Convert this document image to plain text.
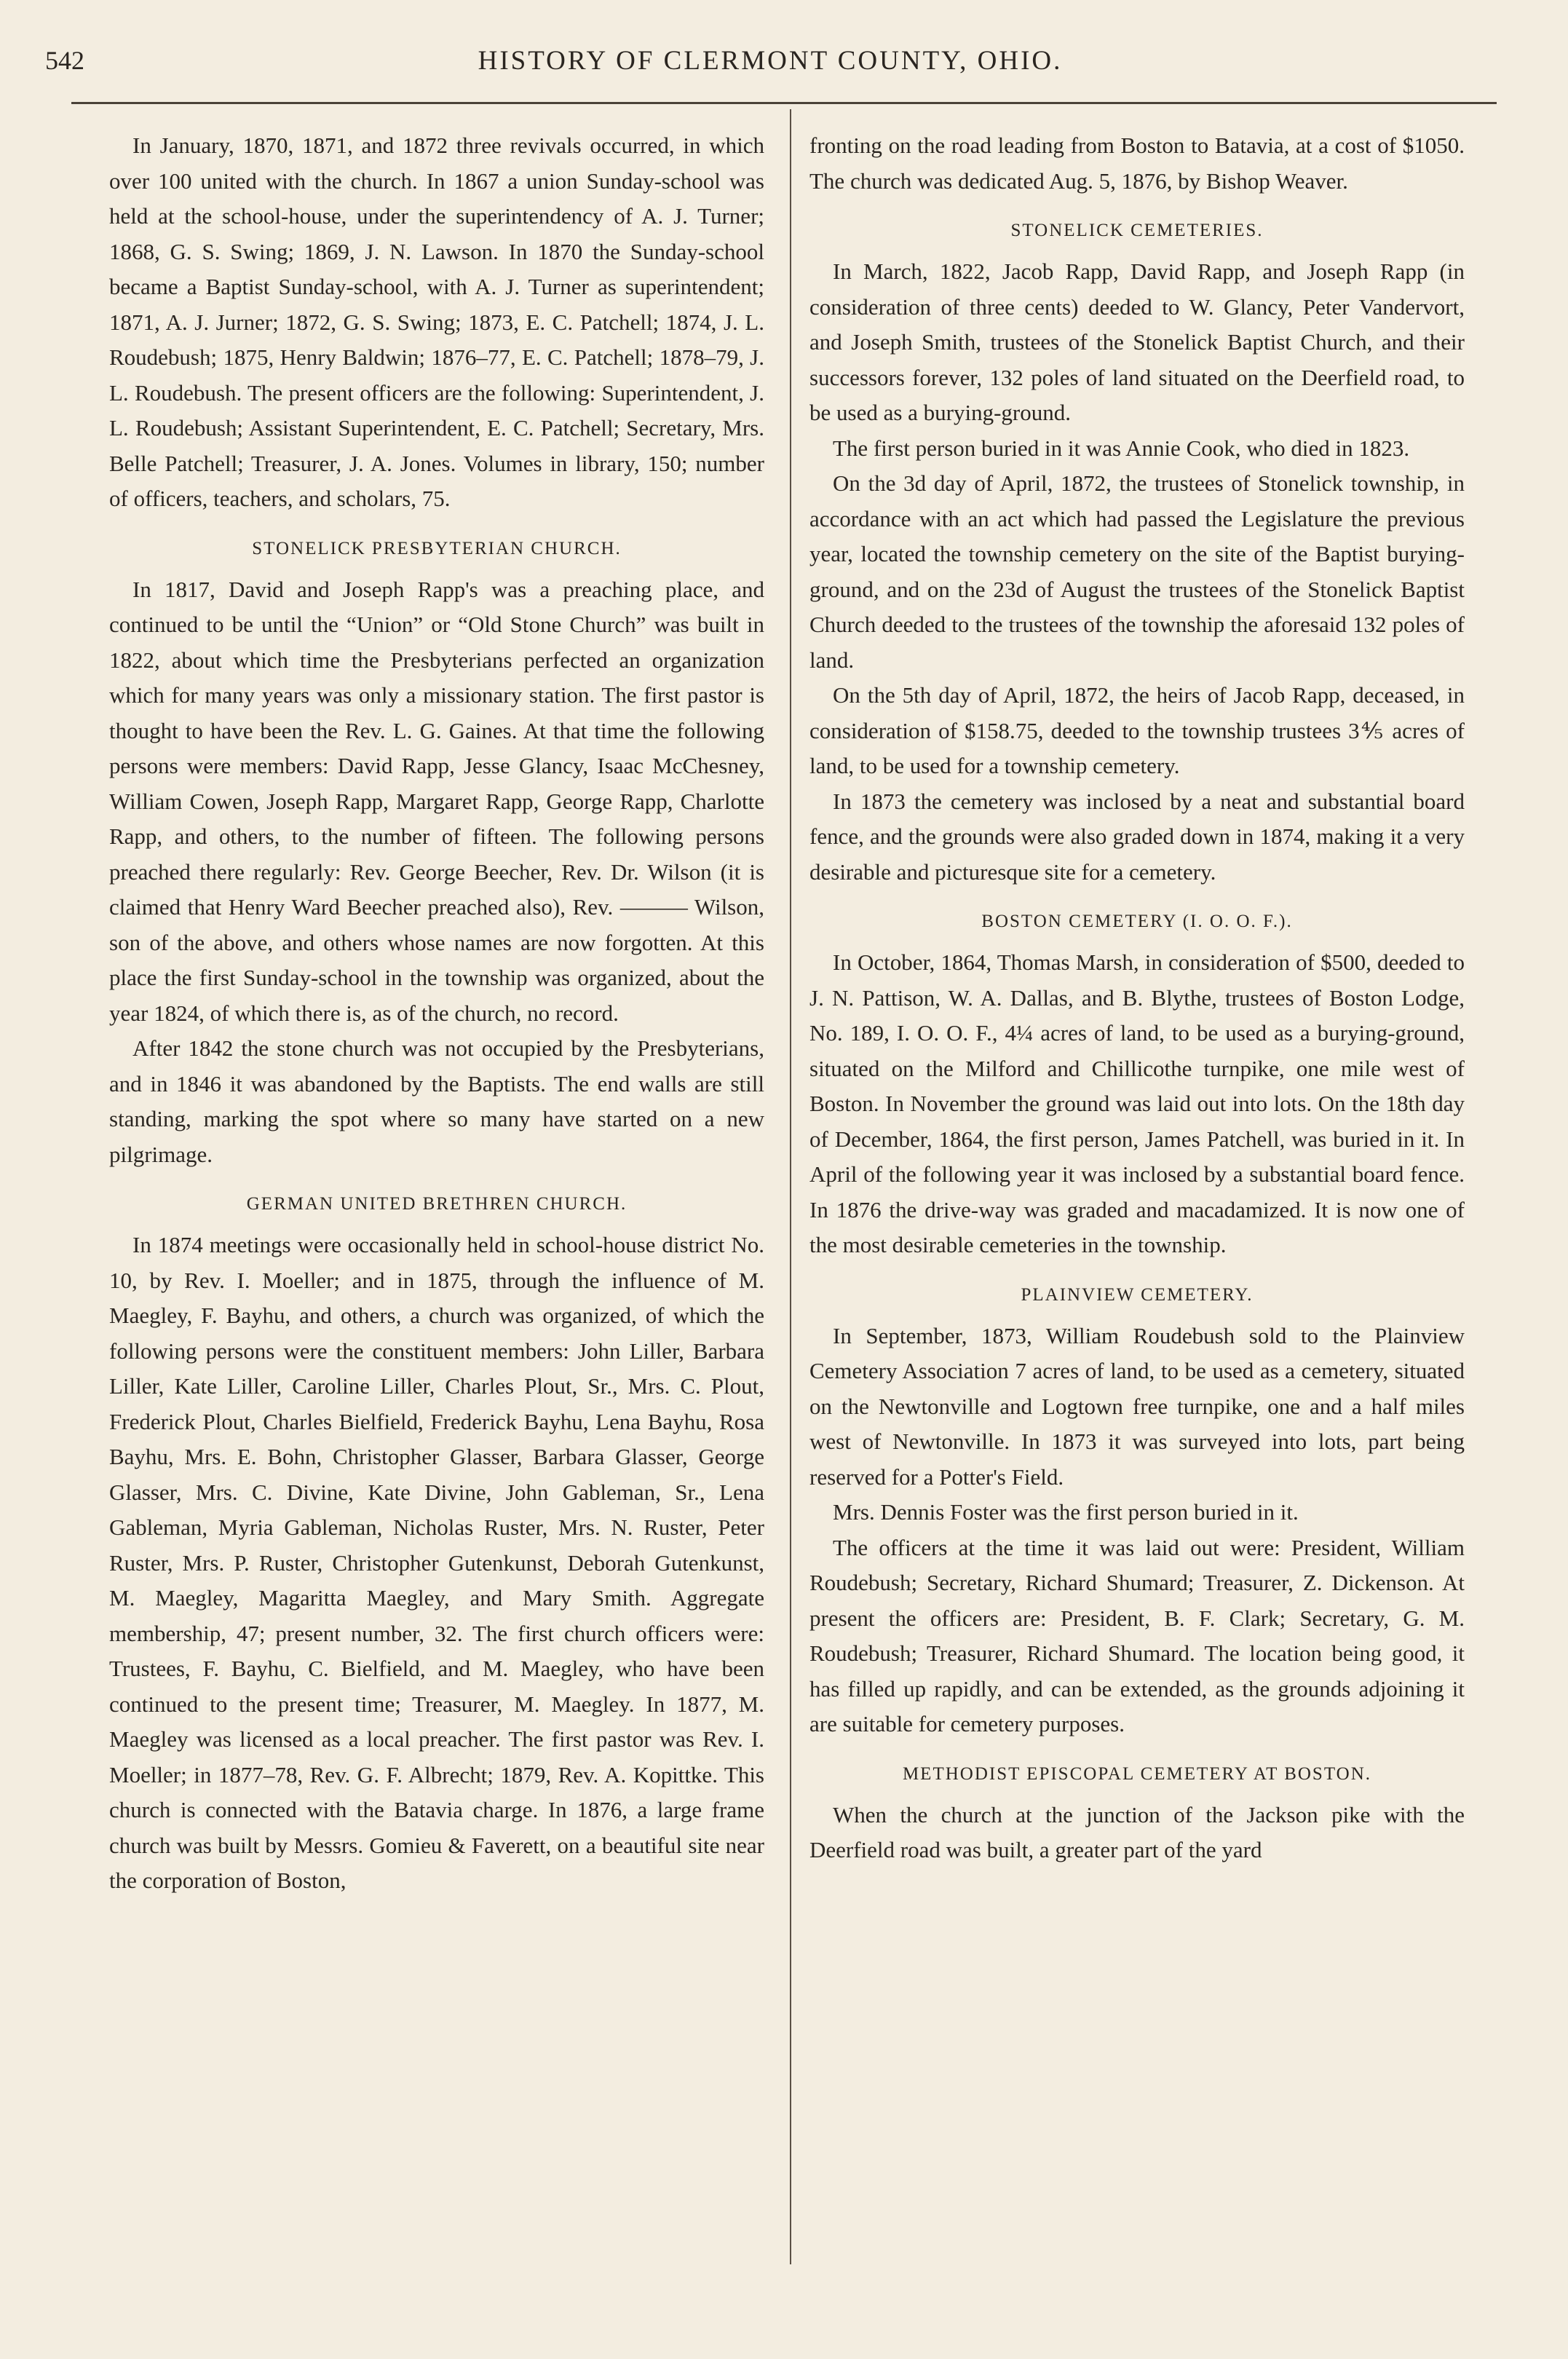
542	HISTORY OF CLERMONT COUNTY, OHIO.

In January, 1870, 1871, and 1872 three revivals occurred, in which over 100 united with the church. In 1867 a union Sunday-school was held at the school-house, under the superintendency of A. J. Turner; 1868, G. S. Swing; 1869, J. N. Lawson. In 1870 the Sunday-school became a Baptist Sunday-school, with A. J. Turner as superintendent; 1871, A. J. Jurner; 1872, G. S. Swing; 1873, E. C. Patchell; 1874, J. L. Roudebush; 1875, Henry Baldwin; 1876–77, E. C. Patchell; 1878–79, J. L. Roudebush. The present officers are the following: Superintendent, J. L. Roudebush; Assistant Superintendent, E. C. Patchell; Secretary, Mrs. Belle Patchell; Treasurer, J. A. Jones. Volumes in library, 150; number of officers, teachers, and scholars, 75.

STONELICK PRESBYTERIAN CHURCH.

In 1817, David and Joseph Rapp's was a preaching place, and continued to be until the “Union” or “Old Stone Church” was built in 1822, about which time the Presbyterians perfected an organization which for many years was only a missionary station. The first pastor is thought to have been the Rev. L. G. Gaines. At that time the following persons were members: David Rapp, Jesse Glancy, Isaac McChesney, William Cowen, Joseph Rapp, Margaret Rapp, George Rapp, Charlotte Rapp, and others, to the number of fifteen. The following persons preached there regularly: Rev. George Beecher, Rev. Dr. Wilson (it is claimed that Henry Ward Beecher preached also), Rev. ——— Wilson, son of the above, and others whose names are now forgotten. At this place the first Sunday-school in the township was organized, about the year 1824, of which there is, as of the church, no record.

After 1842 the stone church was not occupied by the Presbyterians, and in 1846 it was abandoned by the Baptists. The end walls are still standing, marking the spot where so many have started on a new pilgrimage.

GERMAN UNITED BRETHREN CHURCH.

In 1874 meetings were occasionally held in school-house district No. 10, by Rev. I. Moeller; and in 1875, through the influence of M. Maegley, F. Bayhu, and others, a church was organized, of which the following persons were the constituent members: John Liller, Barbara Liller, Kate Liller, Caroline Liller, Charles Plout, Sr., Mrs. C. Plout, Frederick Plout, Charles Bielfield, Frederick Bayhu, Lena Bayhu, Rosa Bayhu, Mrs. E. Bohn, Christopher Glasser, Barbara Glasser, George Glasser, Mrs. C. Divine, Kate Divine, John Gableman, Sr., Lena Gableman, Myria Gableman, Nicholas Ruster, Mrs. N. Ruster, Peter Ruster, Mrs. P. Ruster, Christopher Gutenkunst, Deborah Gutenkunst, M. Maegley, Magaritta Maegley, and Mary Smith. Aggregate membership, 47; present number, 32. The first church officers were: Trustees, F. Bayhu, C. Bielfield, and M. Maegley, who have been continued to the present time; Treasurer, M. Maegley. In 1877, M. Maegley was licensed as a local preacher. The first pastor was Rev. I. Moeller; in 1877–78, Rev. G. F. Albrecht; 1879, Rev. A. Kopittke. This church is connected with the Batavia charge. In 1876, a large frame church was built by Messrs. Gomieu & Faverett, on a beautiful site near the corporation of Boston,

fronting on the road leading from Boston to Batavia, at a cost of $1050. The church was dedicated Aug. 5, 1876, by Bishop Weaver.

STONELICK CEMETERIES.

In March, 1822, Jacob Rapp, David Rapp, and Joseph Rapp (in consideration of three cents) deeded to W. Glancy, Peter Vandervort, and Joseph Smith, trustees of the Stonelick Baptist Church, and their successors forever, 132 poles of land situated on the Deerfield road, to be used as a burying-ground.

The first person buried in it was Annie Cook, who died in 1823.

On the 3d day of April, 1872, the trustees of Stonelick township, in accordance with an act which had passed the Legislature the previous year, located the township cemetery on the site of the Baptist burying-ground, and on the 23d of August the trustees of the Stonelick Baptist Church deeded to the trustees of the township the aforesaid 132 poles of land.

On the 5th day of April, 1872, the heirs of Jacob Rapp, deceased, in consideration of $158.75, deeded to the township trustees 3⅘ acres of land, to be used for a township cemetery.

In 1873 the cemetery was inclosed by a neat and substantial board fence, and the grounds were also graded down in 1874, making it a very desirable and picturesque site for a cemetery.

BOSTON CEMETERY (I. O. O. F.).

In October, 1864, Thomas Marsh, in consideration of $500, deeded to J. N. Pattison, W. A. Dallas, and B. Blythe, trustees of Boston Lodge, No. 189, I. O. O. F., 4¼ acres of land, to be used as a burying-ground, situated on the Milford and Chillicothe turnpike, one mile west of Boston. In November the ground was laid out into lots. On the 18th day of December, 1864, the first person, James Patchell, was buried in it. In April of the following year it was inclosed by a substantial board fence. In 1876 the drive-way was graded and macadamized. It is now one of the most desirable cemeteries in the township.

PLAINVIEW CEMETERY.

In September, 1873, William Roudebush sold to the Plainview Cemetery Association 7 acres of land, to be used as a cemetery, situated on the Newtonville and Logtown free turnpike, one and a half miles west of Newtonville. In 1873 it was surveyed into lots, part being reserved for a Potter's Field.

Mrs. Dennis Foster was the first person buried in it.

The officers at the time it was laid out were: President, William Roudebush; Secretary, Richard Shumard; Treasurer, Z. Dickenson. At present the officers are: President, B. F. Clark; Secretary, G. M. Roudebush; Treasurer, Richard Shumard. The location being good, it has filled up rapidly, and can be extended, as the grounds adjoining it are suitable for cemetery purposes.

METHODIST EPISCOPAL CEMETERY AT BOSTON.

When the church at the junction of the Jackson pike with the Deerfield road was built, a greater part of the yard
